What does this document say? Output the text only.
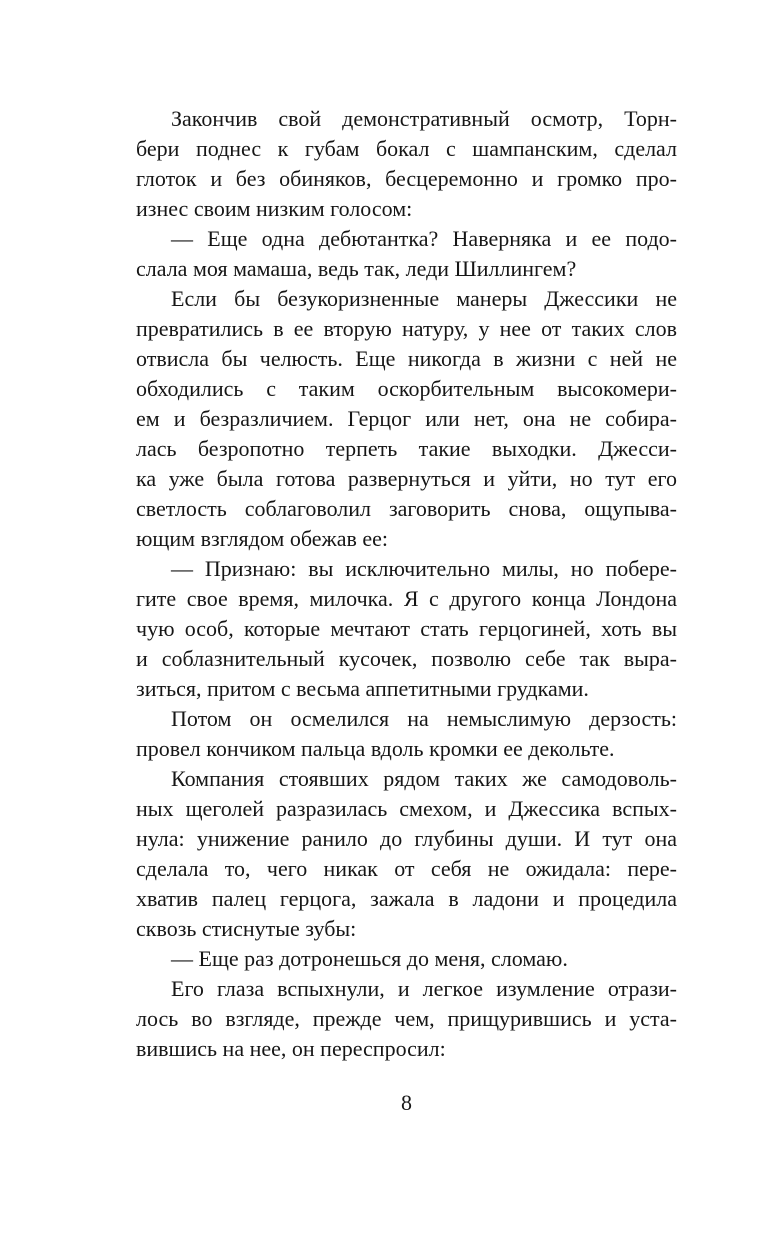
Закончив свой демонстративный осмотр, Торн-
бери поднес к губам бокал с шампанским, сделал
глоток и без обиняков, бесцеремонно и громко про-
изнес своим низким голосом:
— Еще одна дебютантка? Наверняка и ее подо-
слала моя мамаша, ведь так, леди Шиллингем?
Если бы безукоризненные манеры Джессики не
превратились в ее вторую натуру, у нее от таких слов
отвисла бы челюсть. Еще никогда в жизни с ней не
обходились с таким оскорбительным высокомери-
ем и безразличием. Герцог или нет, она не собира-
лась безропотно терпеть такие выходки. Джесси-
ка уже была готова развернуться и уйти, но тут его
светлость соблаговолил заговорить снова, ощупыва-
ющим взглядом обежав ее:
— Признаю: вы исключительно милы, но побере-
гите свое время, милочка. Я с другого конца Лондона
чую особ, которые мечтают стать герцогиней, хоть вы
и соблазнительный кусочек, позволю себе так выра-
зиться, притом с весьма аппетитными грудками.
Потом он осмелился на немыслимую дерзость:
провел кончиком пальца вдоль кромки ее декольте.
Компания стоявших рядом таких же самодоволь-
ных щеголей разразилась смехом, и Джессика вспых-
нула: унижение ранило до глубины души. И тут она
сделала то, чего никак от себя не ожидала: пере-
хватив палец герцога, зажала в ладони и процедила
сквозь стиснутые зубы:
— Еще раз дотронешься до меня, сломаю.
Его глаза вспыхнули, и легкое изумление отрази-
лось во взгляде, прежде чем, прищурившись и уста-
вившись на нее, он переспросил:
8
